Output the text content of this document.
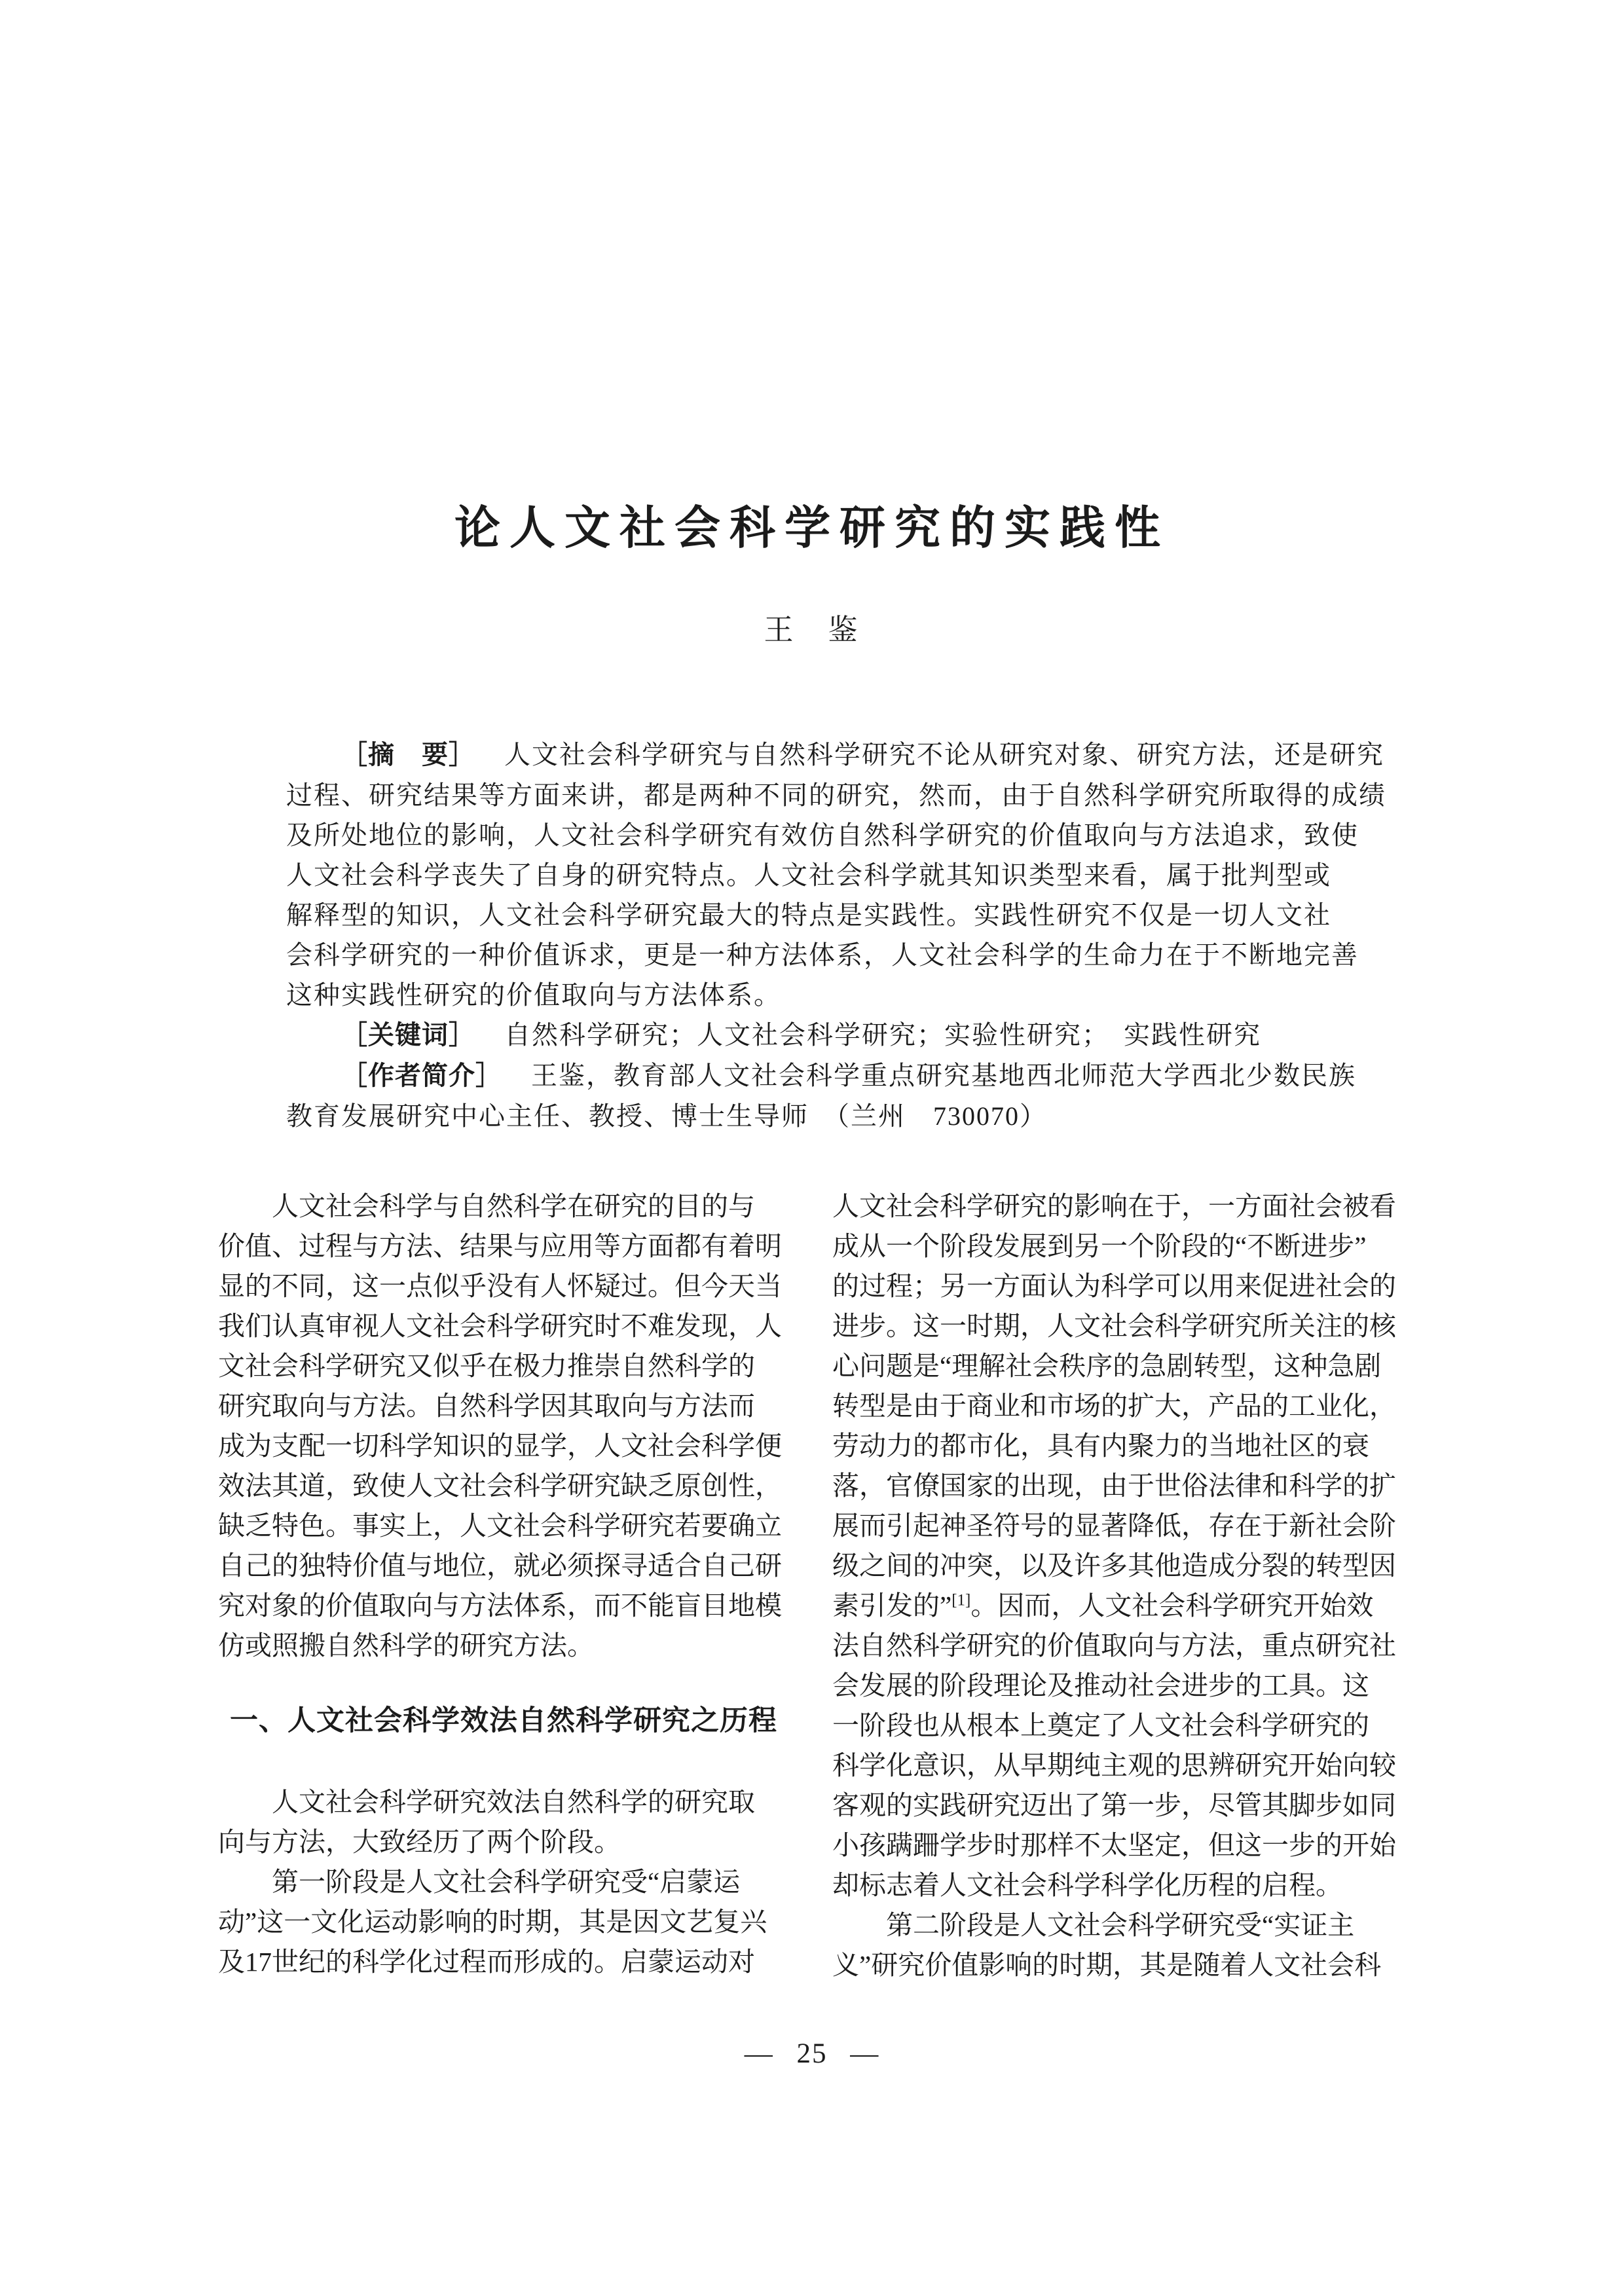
论人文社会科学研究的实践性
王　鉴
［摘　要］ 人文社会科学研究与自然科学研究不论从研究对象、研究方法，还是研究
过程、研究结果等方面来讲，都是两种不同的研究，然而，由于自然科学研究所取得的成绩
及所处地位的影响，人文社会科学研究有效仿自然科学研究的价值取向与方法追求，致使
人文社会科学丧失了自身的研究特点。人文社会科学就其知识类型来看，属于批判型或
解释型的知识，人文社会科学研究最大的特点是实践性。实践性研究不仅是一切人文社
会科学研究的一种价值诉求，更是一种方法体系，人文社会科学的生命力在于不断地完善
这种实践性研究的价值取向与方法体系。
［关键词］ 自然科学研究；人文社会科学研究；实验性研究；　实践性研究
［作者简介］ 王鉴，教育部人文社会科学重点研究基地西北师范大学西北少数民族
教育发展研究中心主任、教授、博士生导师　（兰州　730070）
　　人文社会科学与自然科学在研究的目的与
价值、过程与方法、结果与应用等方面都有着明
显的不同，这一点似乎没有人怀疑过。但今天当
我们认真审视人文社会科学研究时不难发现，人
文社会科学研究又似乎在极力推崇自然科学的
研究取向与方法。自然科学因其取向与方法而
成为支配一切科学知识的显学，人文社会科学便
效法其道，致使人文社会科学研究缺乏原创性，
缺乏特色。事实上，人文社会科学研究若要确立
自己的独特价值与地位，就必须探寻适合自己研
究对象的价值取向与方法体系，而不能盲目地模
仿或照搬自然科学的研究方法。
一、人文社会科学效法自然科学研究之历程
　　人文社会科学研究效法自然科学的研究取
向与方法，大致经历了两个阶段。
　　第一阶段是人文社会科学研究受“启蒙运
动”这一文化运动影响的时期，其是因文艺复兴
及17世纪的科学化过程而形成的。启蒙运动对
人文社会科学研究的影响在于，一方面社会被看
成从一个阶段发展到另一个阶段的“不断进步”
的过程；另一方面认为科学可以用来促进社会的
进步。这一时期，人文社会科学研究所关注的核
心问题是“理解社会秩序的急剧转型，这种急剧
转型是由于商业和市场的扩大，产品的工业化，
劳动力的都市化，具有内聚力的当地社区的衰
落，官僚国家的出现，由于世俗法律和科学的扩
展而引起神圣符号的显著降低，存在于新社会阶
级之间的冲突，以及许多其他造成分裂的转型因
素引发的”[1]。因而，人文社会科学研究开始效
法自然科学研究的价值取向与方法，重点研究社
会发展的阶段理论及推动社会进步的工具。这
一阶段也从根本上奠定了人文社会科学研究的
科学化意识，从早期纯主观的思辨研究开始向较
客观的实践研究迈出了第一步，尽管其脚步如同
小孩蹒跚学步时那样不太坚定，但这一步的开始
却标志着人文社会科学科学化历程的启程。
　　第二阶段是人文社会科学研究受“实证主
义”研究价值影响的时期，其是随着人文社会科
— 25 —
